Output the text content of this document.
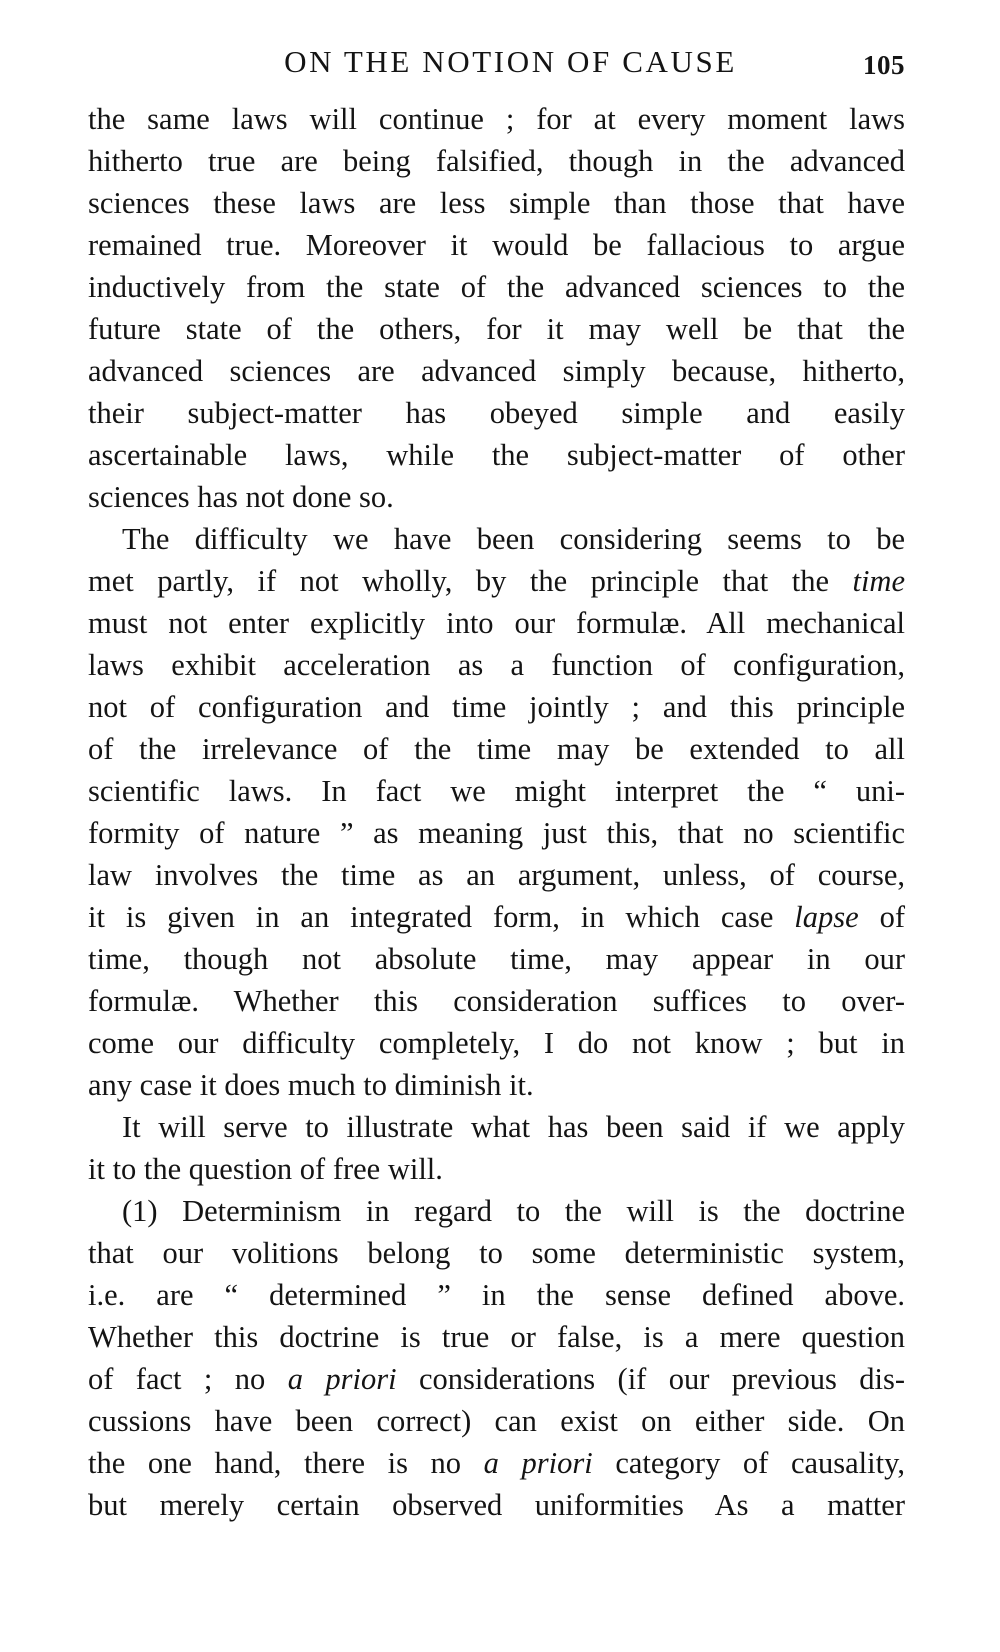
ON THE NOTION OF CAUSE	105
the same laws will continue ; for at every moment laws
hitherto true are being falsified, though in the advanced
sciences these laws are less simple than those that have
remained true. Moreover it would be fallacious to argue
inductively from the state of the advanced sciences to the
future state of the others, for it may well be that the
advanced sciences are advanced simply because, hitherto,
their subject-matter has obeyed simple and easily
ascertainable laws, while the subject-matter of other
sciences has not done so.
The difficulty we have been considering seems to be
met partly, if not wholly, by the principle that the time
must not enter explicitly into our formulæ. All mechanical
laws exhibit acceleration as a function of configuration,
not of configuration and time jointly ; and this principle
of the irrelevance of the time may be extended to all
scientific laws. In fact we might interpret the “ uni-
formity of nature ” as meaning just this, that no scientific
law involves the time as an argument, unless, of course,
it is given in an integrated form, in which case lapse of
time, though not absolute time, may appear in our
formulæ. Whether this consideration suffices to over-
come our difficulty completely, I do not know ; but in
any case it does much to diminish it.
It will serve to illustrate what has been said if we apply
it to the question of free will.
(1) Determinism in regard to the will is the doctrine
that our volitions belong to some deterministic system,
i.e. are “ determined ” in the sense defined above.
Whether this doctrine is true or false, is a mere question
of fact ; no a priori considerations (if our previous dis-
cussions have been correct) can exist on either side. On
the one hand, there is no a priori category of causality,
but merely certain observed uniformities As a matter
